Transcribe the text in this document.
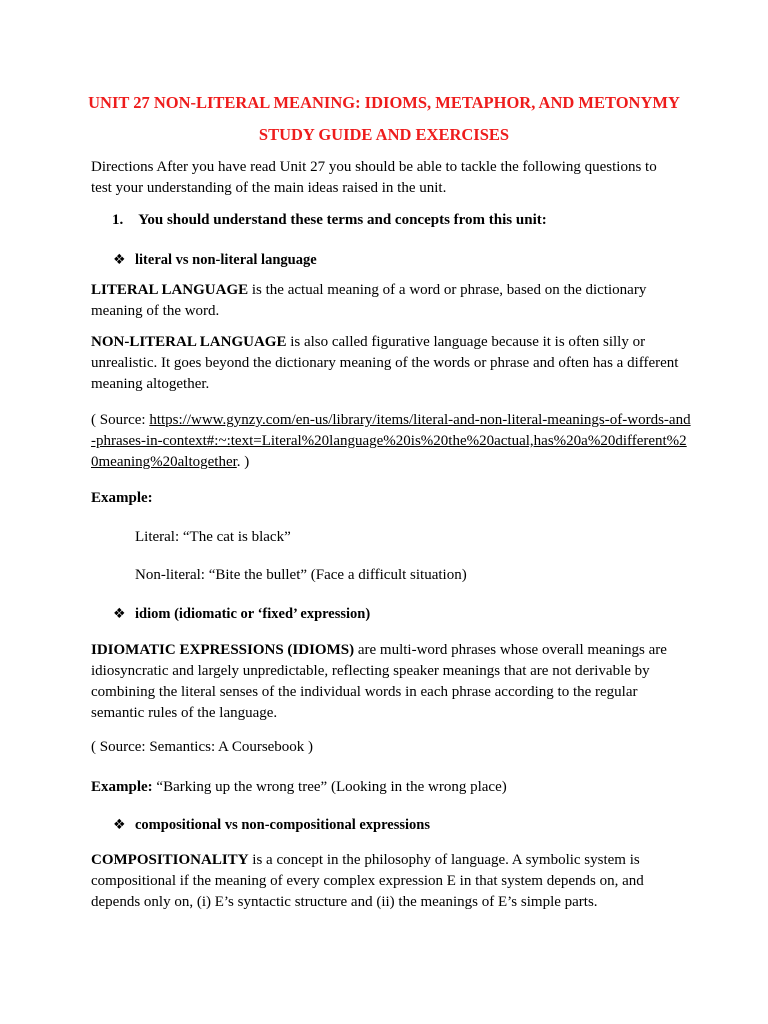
UNIT 27 NON-LITERAL MEANING: IDIOMS, METAPHOR, AND METONYMY
STUDY GUIDE AND EXERCISES
Directions After you have read Unit 27 you should be able to tackle the following questions to test your understanding of the main ideas raised in the unit.
1. You should understand these terms and concepts from this unit:
❖ literal vs non-literal language
LITERAL LANGUAGE is the actual meaning of a word or phrase, based on the dictionary meaning of the word.
NON-LITERAL LANGUAGE is also called figurative language because it is often silly or unrealistic. It goes beyond the dictionary meaning of the words or phrase and often has a different meaning altogether.
( Source: https://www.gynzy.com/en-us/library/items/literal-and-non-literal-meanings-of-words-and-phrases-in-context#:~:text=Literal%20language%20is%20the%20actual,has%20a%20different%20meaning%20altogether. )
Example:
Literal: “The cat is black”
Non-literal: “Bite the bullet” (Face a difficult situation)
❖ idiom (idiomatic or ‘fixed’ expression)
IDIOMATIC EXPRESSIONS (IDIOMS) are multi-word phrases whose overall meanings are idiosyncratic and largely unpredictable, reflecting speaker meanings that are not derivable by combining the literal senses of the individual words in each phrase according to the regular semantic rules of the language.
( Source: Semantics: A Coursebook )
Example: “Barking up the wrong tree” (Looking in the wrong place)
❖ compositional vs non-compositional expressions
COMPOSITIONALITY is a concept in the philosophy of language. A symbolic system is compositional if the meaning of every complex expression E in that system depends on, and depends only on, (i) E’s syntactic structure and (ii) the meanings of E’s simple parts.
